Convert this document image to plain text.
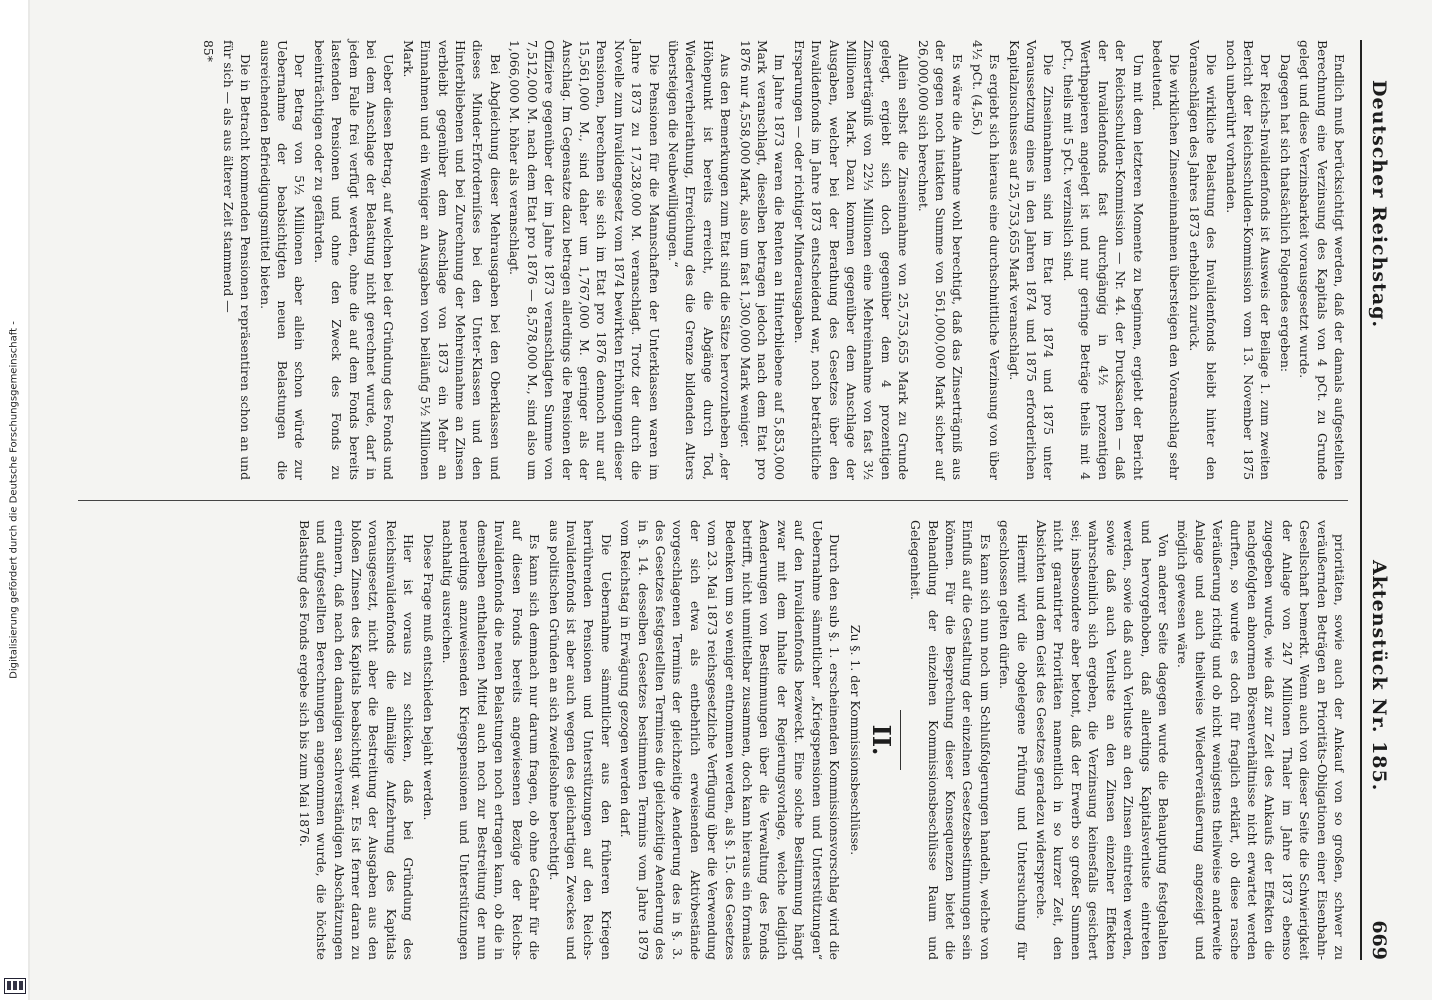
Digitalisierung gefördert durch die Deutsche Forschungsgemeinschaft -
669
Aktenstück Nr. 185.
Deutscher Reichstag.

Endlich muß berücksichtigt werden, daß der damals aufgestellten Berechnung eine Verzinsung des Kapitals von 4 pCt. zu Grunde gelegt und diese Verzinsbarkeit vorausgesetzt wurde.

Dagegen hat sich thatsächlich Folgendes ergeben:

Der Reichs-Invalidenfonds ist Ausweis der Beilage 1. zum zweiten Bericht der Reichsschulden-Kommission vom 13. November 1875 noch unberührt vorhanden.

Die wirkliche Belastung des Invalidenfonds bleibt hinter den Voranschlägen des Jahres 1873 erheblich zurück.

Die wirklichen Zinseneinnahmen übersteigen den Voranschlag sehr bedeutend.

Um mit dem letzteren Momente zu beginnen, ergiebt der Bericht der Reichsschulden-Kommission — Nr. 44. der Drucksachen — daß der Invalidenfonds fast durchgängig in 4½ prozentigen Werthpapieren angelegt ist und nur geringe Beträge theils mit 4 pCt., theils mit 5 pCt. verzinslich sind.

Die Zinseinnahmen sind im Etat pro 1874 und 1875 unter Voraussetzung eines in den Jahren 1874 und 1875 erforderlichen Kapitalzuschusses auf 25,753,655 Mark veranschlagt.

Es ergiebt sich hieraus eine durchschnittliche Verzinsung von über 4½ pCt. (4,56.)

Es wäre die Annahme wohl berechtigt, daß das Zinserträgniß aus der gegen noch intakten Summe von 561,000,000 Mark sicher auf 26,000,000 sich berechnet.

Allein selbst die Zinseinnahme von 25,753,655 Mark zu Grunde gelegt, ergiebt sich doch gegenüber dem 4 prozentigen Zinserträgniß von 22⅓ Millionen eine Mehreinnahme von fast 3½ Millionen Mark. Dazu kommen gegenüber dem Anschlage der Ausgaben, welcher bei der Berathung des Gesetzes über den Invalidenfonds im Jahre 1873 entscheidend war, noch beträchtliche Ersparungen — oder richtiger Minderausgaben.

Im Jahre 1873 waren die Renten an Hinterbliebene auf 5,853,000 Mark veranschlagt, dieselben betragen jedoch nach dem Etat pro 1876 nur 4,558,000 Mark, also um fast 1,300,000 Mark weniger.

Aus den Bemerkungen zum Etat sind die Sätze hervorzuheben „der Höhepunkt ist bereits erreicht, die Abgänge durch Tod, Wiederverheirathung, Erreichung des die Grenze bildenden Alters übersteigen die Neubewilligungen.“

Die Pensionen für die Mannschaften der Unterklassen waren im Jahre 1873 zu 17,328,000 M. veranschlagt. Trotz der durch die Novelle zum Invalidengesetz vom 1874 bewirkten Erhöhungen dieser Pensionen, berechnen sie sich im Etat pro 1876 dennoch nur auf 15,561,000 M., sind daher um 1,767,000 M. geringer als der Anschlag. Im Gegensatze dazu betragen allerdings die Pensionen der Offiziere gegenüber der im Jahre 1873 veranschlagten Summe von 7,512,000 M. nach dem Etat pro 1876 — 8,578,000 M., sind also um 1,066,000 M. höher als veranschlagt.

Bei Abgleichung dieser Mehrausgaben bei den Oberklassen und dieses Minder-Erforderniſses bei den Unter-Klassen und den Hinterbliebenen und bei Zurechnung der Mehreinnahme an Zinsen verbleibt gegenüber dem Anschlage von 1873 ein Mehr an Einnahmen und ein Weniger an Ausgaben von beiläufig 5½ Millionen Mark.

Ueber diesen Betrag, auf welchen bei der Gründung des Fonds und bei dem Anschlage der Belastung nicht gerechnet wurde, darf in jedem Falle frei verfügt werden, ohne die auf dem Fonds bereits lastenden Pensionen und ohne den Zweck des Fonds zu beeinträchtigen oder zu gefährden.

Der Betrag von 5½ Millionen aber allein schon würde zur Uebernahme der beabsichtigten neuen Belastungen die ausreichenden Befriedigungsmittel bieten.

Die in Betracht kommenden Pensionen repräsentiren schon an und für sich — als aus älterer Zeit stammend —

85*

prioritäten, sowie auch der Ankauf von so großen, schwer zu veräußernden Beträgen an Prioritäts-Obligationen einer Eisenbahn-Gesellschaft bemerkt. Wenn auch von dieser Seite die Schwierigkeit der Anlage von 247 Millionen Thaler im Jahre 1873 ebenso zugegeben wurde, wie daß zur Zeit des Ankaufs der Effekten die nachgefolgten abnormen Börsenverhältnisse nicht erwartet werden durften, so wurde es doch für fraglich erklärt, ob diese rasche Veräußerung richtig und ob nicht wenigstens theilweise anderweite Anlage und auch theilweise Wiederveräußerung angezeigt und möglich gewesen wäre.

Von anderer Seite dagegen wurde die Behauptung festgehalten und hervorgehoben, daß allerdings Kapitalsverluste eintreten werden, sowie daß auch Verluste an den Zinsen eintreten werden, sowie daß auch Verluste an den Zinsen einzelner Effekten wahrscheinlich sich ergeben, die Verzinsung keinesfalls gesichert sei; insbesondere aber betont, daß der Erwerb so großer Summen nicht garantirter Prioritäten namentlich in so kurzer Zeit, den Absichten und dem Geist des Gesetzes geradezu widerspreche.

Hiermit wird die obgelegene Prüfung und Untersuchung für geschlossen gelten dürfen.

Es kann sich nun noch um Schlußfolgerungen handeln, welche von Einfluß auf die Gestaltung der einzelnen Gesetzesbestimmungen sein können. Für die Besprechung dieser Konsequenzen bietet die Behandlung der einzelnen Kommissionsbeschlüsse Raum und Gelegenheit.

II.
Zu §. 1. der Kommissionsbeschlüsse.

Durch den sub §. 1. erscheinenden Kommissionsvorschlag wird die Uebernahme sämmtlicher „Kriegspensionen und Unterstützungen“ auf den Invalidenfonds bezweckt. Eine solche Bestimmung hängt zwar mit dem Inhalte der Regierungsvorlage, welche lediglich Aenderungen von Bestimmungen über die Verwaltung des Fonds betrifft, nicht unmittelbar zusammen, doch kann hieraus ein formales Bedenken um so weniger entnommen werden, als §. 15. des Gesetzes vom 23. Mai 1873 reichsgesetzliche Verfügung über die Verwendung der sich etwa als entbehrlich erweisenden Aktivbestände vorgeschlagenen Termins der gleichzeitige Aenderung des in §. 3. des Gesetzes festgestellten Termines die gleichzeitige Aenderung des in §. 14. desselben Gesetzes bestimmten Termins vom Jahre 1879 vom Reichstag in Erwägung gezogen werden darf.

Die Uebernahme sämmtlicher aus den früheren Kriegen herrührenden Pensionen und Unterstützungen auf den Reichs-Invalidenfonds ist aber auch wegen des gleichartigen Zweckes und aus politischen Gründen an sich zweifelsohne berechtigt.

Es kann sich demnach nur darum fragen, ob ohne Gefahr für die auf diesen Fonds bereits angewiesenen Bezüge der Reichs-Invalidenfonds die neuen Belastungen noch ertragen kann, ob die in demselben enthaltenen Mittel auch noch zur Bestreitung der nun neuerdings anzuweisenden Kriegspensionen und Unterstützungen nachhaltig ausreichen.

Diese Frage muß entschieden bejaht werden.

Hier ist voraus zu schicken, daß bei Gründung des Reichsinvalidenfonds die allmälige Aufzehrung des Kapitals vorausgesetzt, nicht aber die Bestreitung der Ausgaben aus den bloßen Zinsen des Kapitals beabsichtigt war. Es ist ferner daran zu erinnern, daß nach den damaligen sachverständigen Abschätzungen und aufgestellten Berechnungen angenommen wurde, die höchste Belastung des Fonds ergebe sich bis zum Mai 1876.
